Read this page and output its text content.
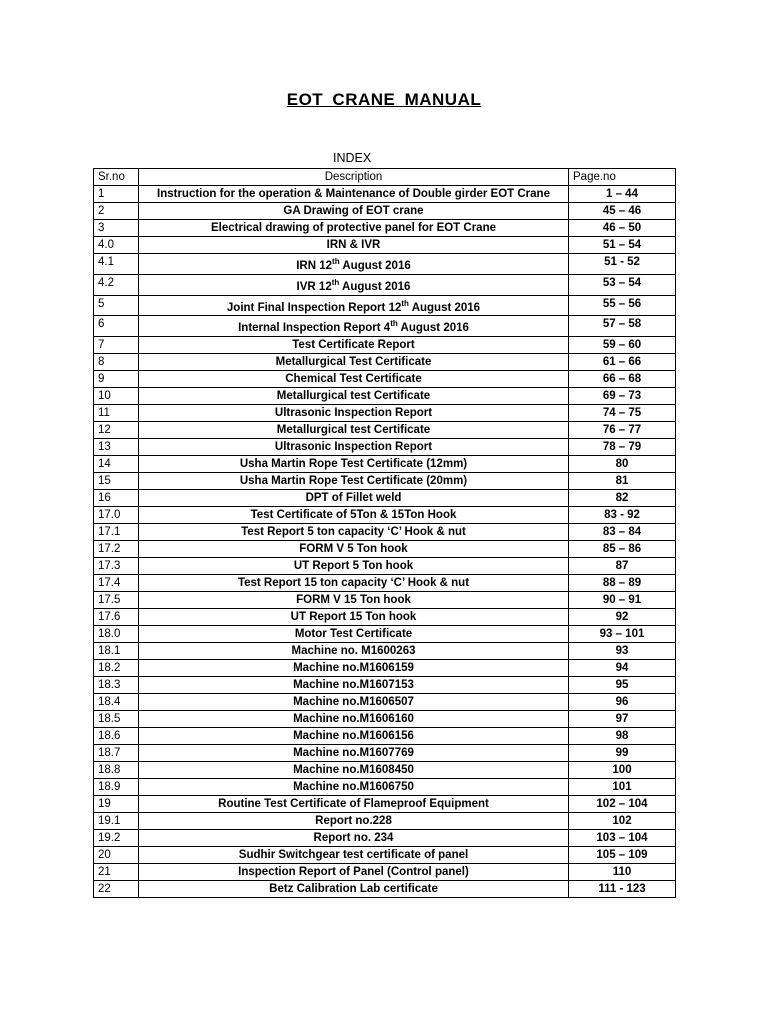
EOT CRANE MANUAL
INDEX
Sr.no	Description	Page.no
1	Instruction for the operation & Maintenance of Double girder EOT Crane	1 – 44
2	GA Drawing of EOT crane	45 – 46
3	Electrical drawing of protective panel for EOT Crane	46 – 50
4.0	IRN & IVR	51 – 54
4.1	IRN 12th August 2016	51 - 52
4.2	IVR 12th August 2016	53 – 54
5	Joint Final Inspection Report 12th August 2016	55 – 56
6	Internal Inspection Report 4th August 2016	57 – 58
7	Test Certificate Report	59 – 60
8	Metallurgical Test Certificate	61 – 66
9	Chemical Test Certificate	66 – 68
10	Metallurgical test Certificate	69 – 73
11	Ultrasonic Inspection Report	74 – 75
12	Metallurgical test Certificate	76 – 77
13	Ultrasonic Inspection Report	78 – 79
14	Usha Martin Rope Test Certificate (12mm)	80
15	Usha Martin Rope Test Certificate (20mm)	81
16	DPT of Fillet weld	82
17.0	Test Certificate of 5Ton & 15Ton Hook	83 - 92
17.1	Test Report 5 ton capacity ‘C’ Hook & nut	83 – 84
17.2	FORM V 5 Ton hook	85 – 86
17.3	UT Report 5 Ton hook	87
17.4	Test Report 15 ton capacity ‘C’ Hook & nut	88 – 89
17.5	FORM V 15 Ton hook	90 – 91
17.6	UT Report 15 Ton hook	92
18.0	Motor Test Certificate	93 – 101
18.1	Machine no. M1600263	93
18.2	Machine no.M1606159	94
18.3	Machine no.M1607153	95
18.4	Machine no.M1606507	96
18.5	Machine no.M1606160	97
18.6	Machine no.M1606156	98
18.7	Machine no.M1607769	99
18.8	Machine no.M1608450	100
18.9	Machine no.M1606750	101
19	Routine Test Certificate of Flameproof Equipment	102 – 104
19.1	Report no.228	102
19.2	Report no. 234	103 – 104
20	Sudhir Switchgear test certificate of panel	105 – 109
21	Inspection Report of Panel (Control panel)	110
22	Betz Calibration Lab certificate	111 - 123
